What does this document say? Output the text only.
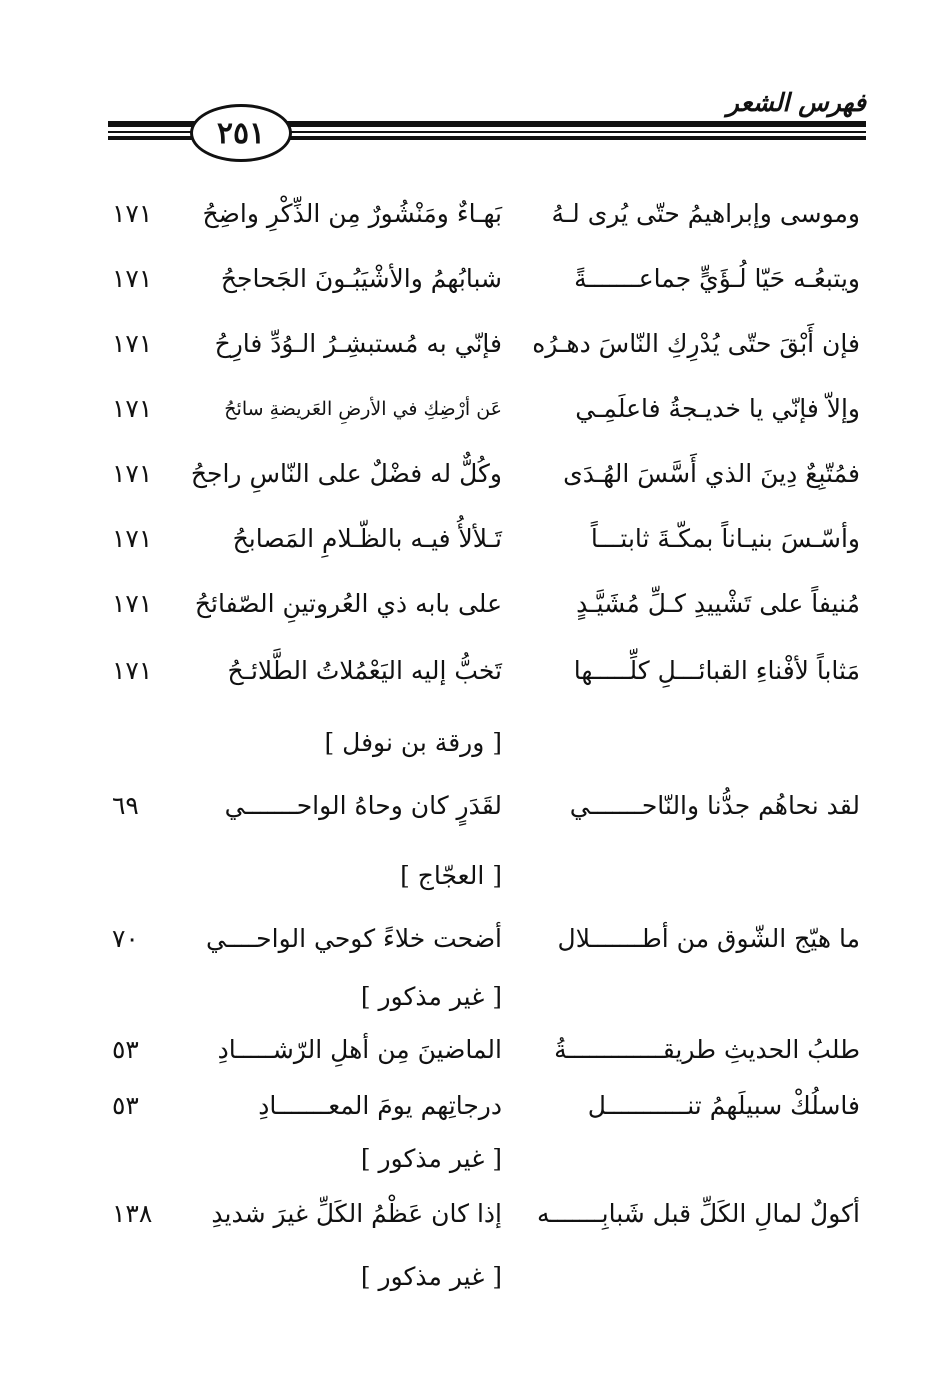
فهرس الشعر
٢٥١
وموسى وإبراهيمُ حتّى يُرى لـهُ
بَهـاءٌ ومَنْشُورٌ مِن الذِّكْرِ واضِحُ
١٧١
ويتبعُـه حَيّا لُـؤَيٍّ جماعـــــــةً
شبابُهمُ والأشْيَبُـونَ الجَحاجحُ
١٧١
فإن أَبْقَ حتّى يُدْرِكِ النّاسَ دهـرُه
فإنّي به مُستبشِـرُ الـوُدِّ فارِحُ
١٧١
وإلاّ فإنّي يا خديـجةُ فاعلَمِـي
عَن أرْضِكِ في الأرضِ العَريضةِ سائحُ
١٧١
فمُتّبِعٌ دِينَ الذي أَسَّسَ الهُـدَى
وكُلٌّ له فضْلٌ على النّاسِ راجحُ
١٧١
وأسّـسَ بنيـاناً بمكّـةَ ثابتـــاً
تَـلألأُ فيـه بالظّـلامِ المَصابحُ
١٧١
مُنيفاً على تَشْييدِ كـلِّ مُشَيَّـدٍ
على بابه ذي العُروتينِ الصّفائحُ
١٧١
مَثاباً لأفْناءِ القبائـــلِ كلِّـــــها
تَخبُّ إليه اليَعْمُلاتُ الطَّلائـحُ
١٧١
[ ورقة بن نوفل ]
لقد نحاهُم جدُّنا والنّاحـــــــي
لقَدَرٍ كان وحاهُ الواحـــــــي
٦٩
[ العجّاج ]
ما هيّج الشّوق من أطـــــــلال
أضحت خلاءً كوحي الواحــــي
٧٠
[ غير مذكور ]
طلبُ الحديثِ طريقـــــــــــــةُ
الماضينَ مِن أهلِ الرّشـــــادِ
٥٣
فاسلُكْ سبيلَهمُ تنـــــــــــل
درجاتِهم يومَ المعـــــــادِ
٥٣
[ غير مذكور ]
أكولٌ لمالِ الكَلِّ قبل شَبابِـــــــه
إذا كان عَظْمُ الكَلِّ غيرَ شديدِ
١٣٨
[ غير مذكور ]
